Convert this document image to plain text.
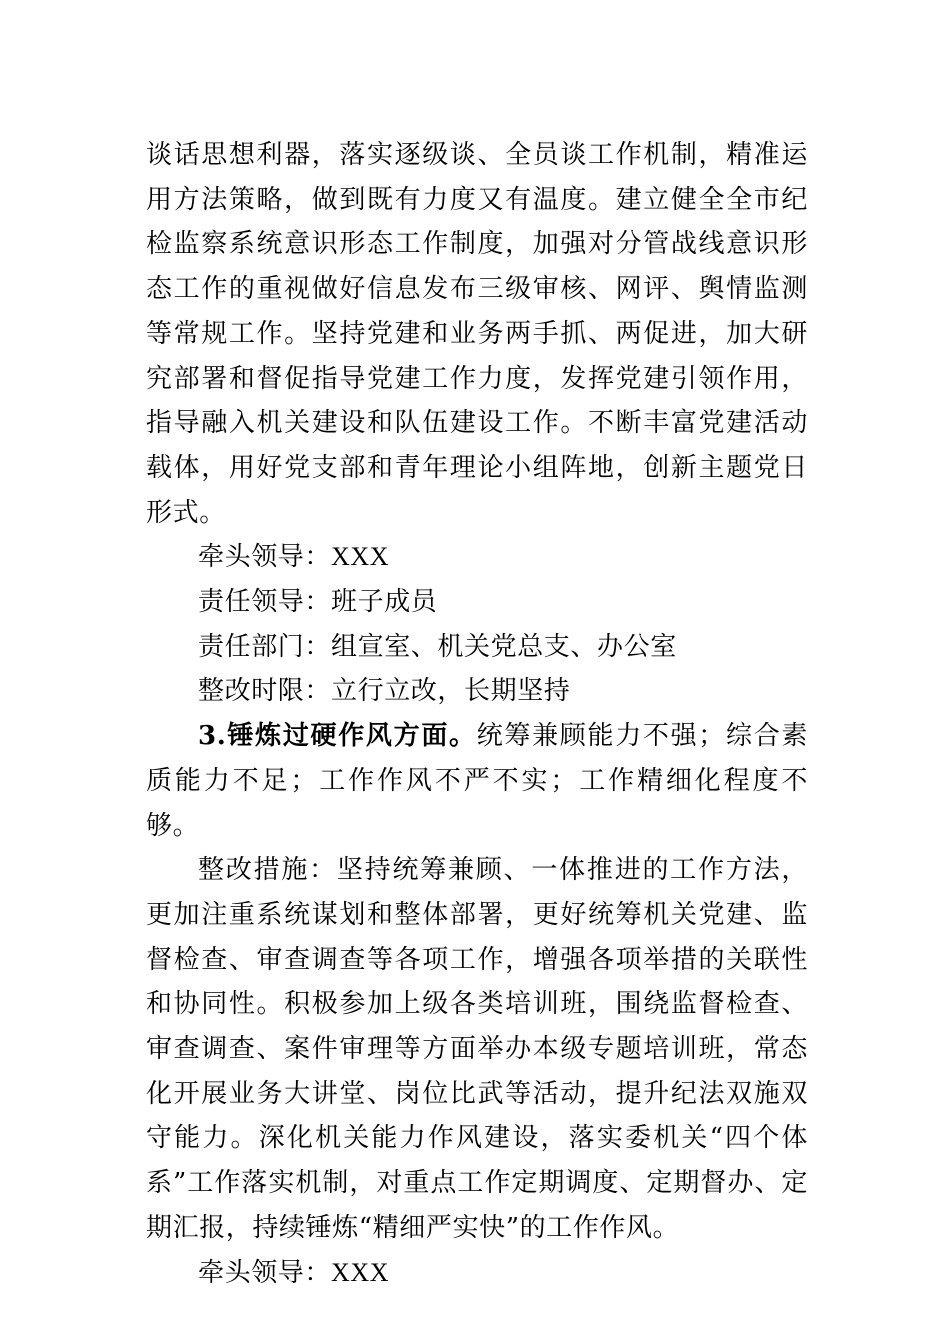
谈话思想利器，落实逐级谈、全员谈工作机制，精准运用方法策略，做到既有力度又有温度。建立健全全市纪检监察系统意识形态工作制度，加强对分管战线意识形态工作的重视做好信息发布三级审核、网评、舆情监测等常规工作。坚持党建和业务两手抓、两促进，加大研究部署和督促指导党建工作力度，发挥党建引领作用，指导融入机关建设和队伍建设工作。不断丰富党建活动载体，用好党支部和青年理论小组阵地，创新主题党日形式。

牵头领导：XXX

责任领导：班子成员

责任部门：组宣室、机关党总支、办公室

整改时限：立行立改，长期坚持

3.锤炼过硬作风方面。统筹兼顾能力不强；综合素质能力不足；工作作风不严不实；工作精细化程度不够。

整改措施：坚持统筹兼顾、一体推进的工作方法，更加注重系统谋划和整体部署，更好统筹机关党建、监督检查、审查调查等各项工作，增强各项举措的关联性和协同性。积极参加上级各类培训班，围绕监督检查、审查调查、案件审理等方面举办本级专题培训班，常态化开展业务大讲堂、岗位比武等活动，提升纪法双施双守能力。深化机关能力作风建设，落实委机关“四个体系”工作落实机制，对重点工作定期调度、定期督办、定期汇报，持续锤炼“精细严实快”的工作作风。

牵头领导：XXX
